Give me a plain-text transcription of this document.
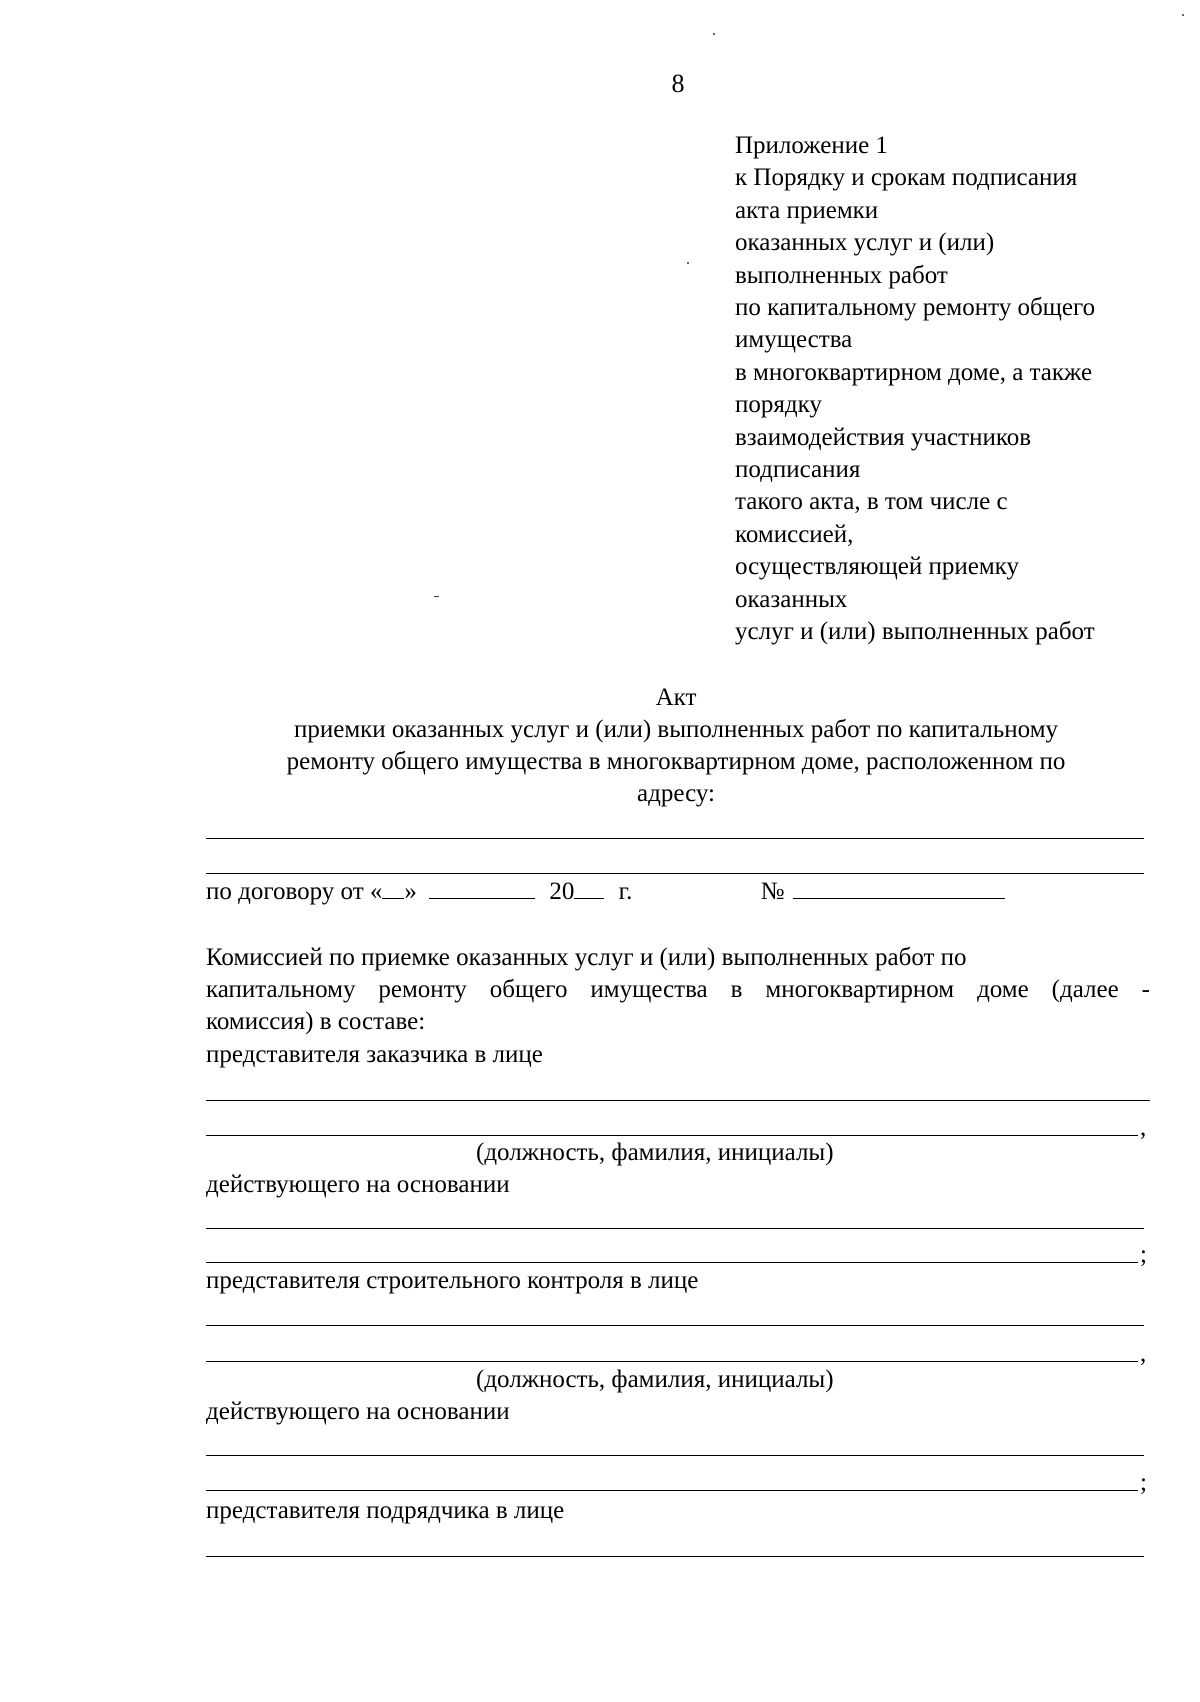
8
Приложение 1
к Порядку и срокам подписания
акта приемки
оказанных услуг и (или)
выполненных работ
по капитальному ремонту общего
имущества
в многоквартирном доме, а также
порядку
взаимодействия участников
подписания
такого акта, в том числе с
комиссией,
осуществляющей приемку
оказанных
услуг и (или) выполненных работ
Акт
приемки оказанных услуг и (или) выполненных работ по капитальному
ремонту общего имущества в многоквартирном доме, расположенном по
адресу:
по договору от « »	20 г.	№
Комиссией по приемке оказанных услуг и (или) выполненных работ по
капитальному ремонту общего имущества в многоквартирном доме (далее -
комиссия) в составе:
представителя заказчика в лице
,
(должность, фамилия, инициалы)
действующего на основании
;
представителя строительного контроля в лице
,
(должность, фамилия, инициалы)
действующего на основании
;
представителя подрядчика в лице
